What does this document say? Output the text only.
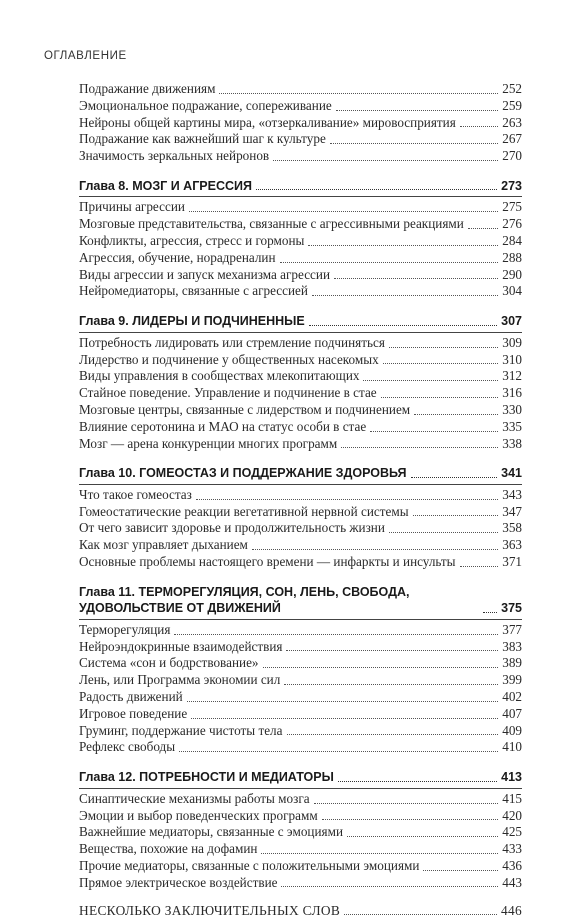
ОГЛАВЛЕНИЕ
Подражание движениям	252
Эмоциональное подражание, сопереживание	259
Нейроны общей картины мира, «отзеркаливание» мировосприятия	263
Подражание как важнейший шаг к культуре	267
Значимость зеркальных нейронов	270
Глава 8. МОЗГ И АГРЕССИЯ	273
Причины агрессии	275
Мозговые представительства, связанные с агрессивными реакциями	276
Конфликты, агрессия, стресс и гормоны	284
Агрессия, обучение, норадреналин	288
Виды агрессии и запуск механизма агрессии	290
Нейромедиаторы, связанные с агрессией	304
Глава 9. ЛИДЕРЫ И ПОДЧИНЕННЫЕ	307
Потребность лидировать или стремление подчиняться	309
Лидерство и подчинение у общественных насекомых	310
Виды управления в сообществах млекопитающих	312
Стайное поведение. Управление и подчинение в стае	316
Мозговые центры, связанные с лидерством и подчинением	330
Влияние серотонина и МАО на статус особи в стае	335
Мозг — арена конкуренции многих программ	338
Глава 10. ГОМЕОСТАЗ И ПОДДЕРЖАНИЕ ЗДОРОВЬЯ	341
Что такое гомеостаз	343
Гомеостатические реакции вегетативной нервной системы	347
От чего зависит здоровье и продолжительность жизни	358
Как мозг управляет дыханием	363
Основные проблемы настоящего времени — инфаркты и инсульты	371
Глава 11. ТЕРМОРЕГУЛЯЦИЯ, СОН, ЛЕНЬ, СВОБОДА, УДОВОЛЬСТВИЕ ОТ ДВИЖЕНИЙ	375
Терморегуляция	377
Нейроэндокринные взаимодействия	383
Система «сон и бодрствование»	389
Лень, или Программа экономии сил	399
Радость движений	402
Игровое поведение	407
Груминг, поддержание чистоты тела	409
Рефлекс свободы	410
Глава 12. ПОТРЕБНОСТИ И МЕДИАТОРЫ	413
Синаптические механизмы работы мозга	415
Эмоции и выбор поведенческих программ	420
Важнейшие медиаторы, связанные с эмоциями	425
Вещества, похожие на дофамин	433
Прочие медиаторы, связанные с положительными эмоциями	436
Прямое электрическое воздействие	443
НЕСКОЛЬКО ЗАКЛЮЧИТЕЛЬНЫХ СЛОВ	446
